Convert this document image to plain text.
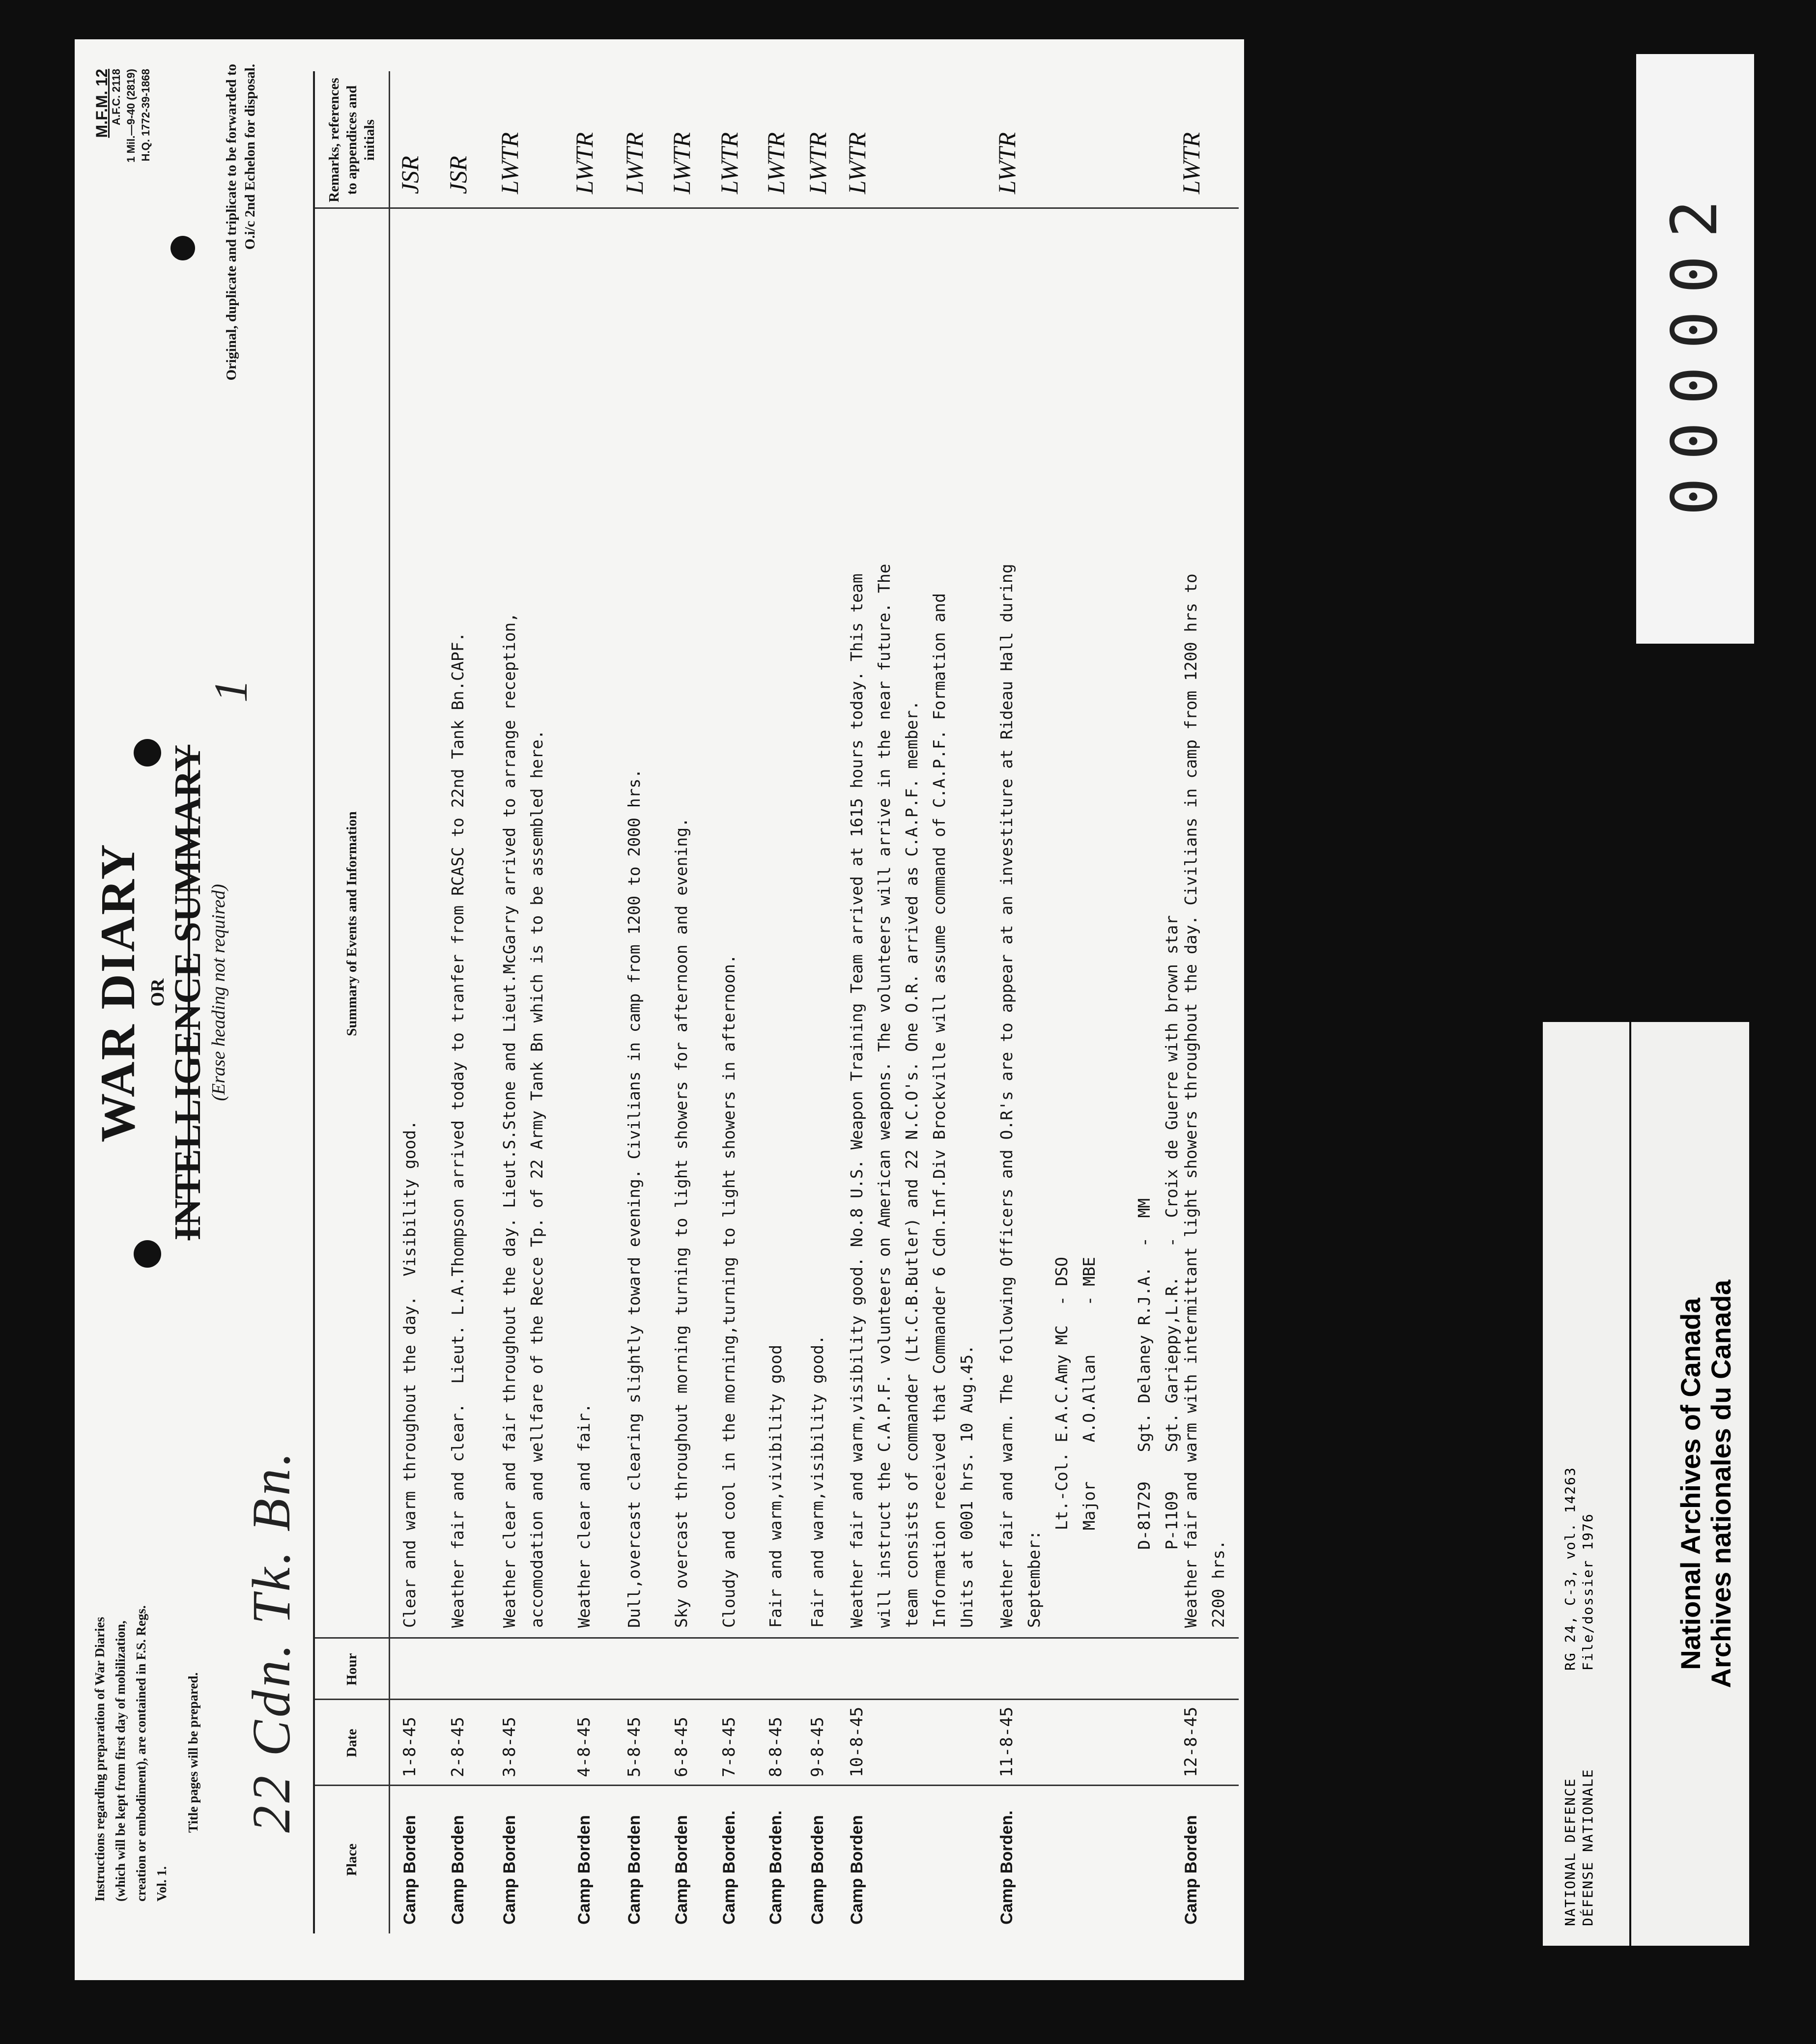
Instructions regarding preparation of War Diaries (which will be kept from first day of mobilization, creation or embodiment), are contained in F.S. Regs. Vol. 1.
Title pages will be prepared. 22 Cdn. Tk. Bn.
WAR DIARY OR
INTELLIGENCE SUMMARY (Erase heading not required)
1
M.F.M. 12 A.F.C. 2118 1 Mil.—9-40 (2819) H.Q. 1772-39-1868	Original, duplicate and triplicate to be forwarded to O.i/c 2nd Echelon for disposal.
Place
Date
Hour
Summary of Events and Information
Remarks, references to appendices and initials
Camp Borden
1-8-45
Clear and warm throughout the day.  Visibility good.
JSR
Camp Borden
2-8-45
Weather fair and clear.  Lieut. L.A.Thompson arrived today to tranfer from RCASC to 22nd Tank Bn.CAPF.
JSR
Camp Borden
3-8-45
Weather clear and fair throughout the day. Lieut.S.Stone and Lieut.McGarry arrived to arrange reception,
accomodation and wellfare of the Recce Tp. of 22 Army Tank Bn which is to be assembled here.
LWTR
Camp Borden
4-8-45
Weather clear and fair.
LWTR
Camp Borden
5-8-45
Dull,overcast clearing slightly toward evening. Civilians in camp from 1200 to 2000 hrs.
LWTR
Camp Borden
6-8-45
Sky overcast throughout morning turning to light showers for afternoon and evening.
LWTR
Camp Borden.
7-8-45
Cloudy and cool in the morning,turning to light showers in afternoon.
LWTR
Camp Borden.
8-8-45
Fair and warm,vivibility good
LWTR
Camp Borden
9-8-45
Fair and warm,visibility good.
LWTR
Camp Borden
10-8-45
Weather fair and warm,visibility good. No.8 U.S. Weapon Training Team arrived at 1615 hours today. This team
will instruct the C.A.P.F. volunteers on American weapons. The volunteers will arrive in the near future. The
team consists of commander (Lt.C.B.Butler) and 22 N.C.O's. One O.R. arrived as C.A.P.F. member.
Information received that Commander 6 Cdn.Inf.Div Brockville will assume command of C.A.P.F. Formation and
Units at 0001 hrs. 10 Aug.45.
LWTR
Camp Borden.
11-8-45
Weather fair and warm. The following Officers and O.R's are to appear at an investiture at Rideau Hall during
September:
Lt.-Col. E.A.C.Amy MC  - DSO
Major    A.O.Allan     - MBE

D-81729   Sgt. Delaney R.J.A.  -  MM
P-1109    Sgt. Garieppy,L.R.   -  Croix de Guerre with brown star
LWTR
Camp Borden
12-8-45
Weather fair and warm with intermittant light showers throughout the day. Civilians in camp from 1200 hrs to
2200 hrs.
LWTR
000002
NATIONAL DEFENCE DÉFENSE NATIONALE
RG 24, C-3, vol. 14263 File/dossier 1976	National Archives of Canada Archives nationales du Canada
